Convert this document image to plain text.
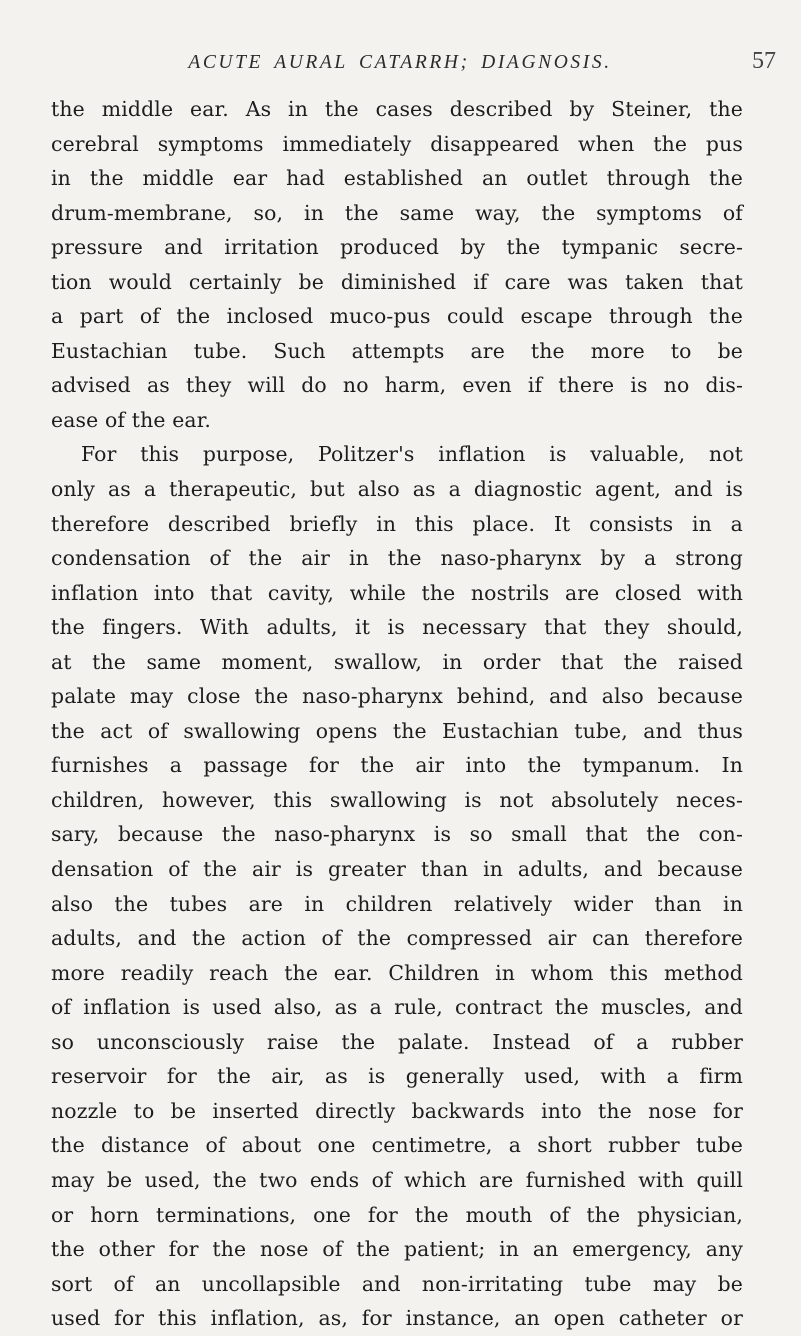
ACUTE AURAL CATARRH; DIAGNOSIS.	57
the middle ear. As in the cases described by Steiner, the
cerebral symptoms immediately disappeared when the pus
in the middle ear had established an outlet through the
drum-membrane, so, in the same way, the symptoms of
pressure and irritation produced by the tympanic secre-
tion would certainly be diminished if care was taken that
a part of the inclosed muco-pus could escape through the
Eustachian tube. Such attempts are the more to be
advised as they will do no harm, even if there is no dis-
ease of the ear.
For this purpose, Politzer's inflation is valuable, not
only as a therapeutic, but also as a diagnostic agent, and is
therefore described briefly in this place. It consists in a
condensation of the air in the naso-pharynx by a strong
inflation into that cavity, while the nostrils are closed with
the fingers. With adults, it is necessary that they should,
at the same moment, swallow, in order that the raised
palate may close the naso-pharynx behind, and also because
the act of swallowing opens the Eustachian tube, and thus
furnishes a passage for the air into the tympanum. In
children, however, this swallowing is not absolutely neces-
sary, because the naso-pharynx is so small that the con-
densation of the air is greater than in adults, and because
also the tubes are in children relatively wider than in
adults, and the action of the compressed air can therefore
more readily reach the ear. Children in whom this method
of inflation is used also, as a rule, contract the muscles, and
so unconsciously raise the palate. Instead of a rubber
reservoir for the air, as is generally used, with a firm
nozzle to be inserted directly backwards into the nose for
the distance of about one centimetre, a short rubber tube
may be used, the two ends of which are furnished with quill
or horn terminations, one for the mouth of the physician,
the other for the nose of the patient; in an emergency, any
sort of an uncollapsible and non-irritating tube may be
used for this inflation, as, for instance, an open catheter or
